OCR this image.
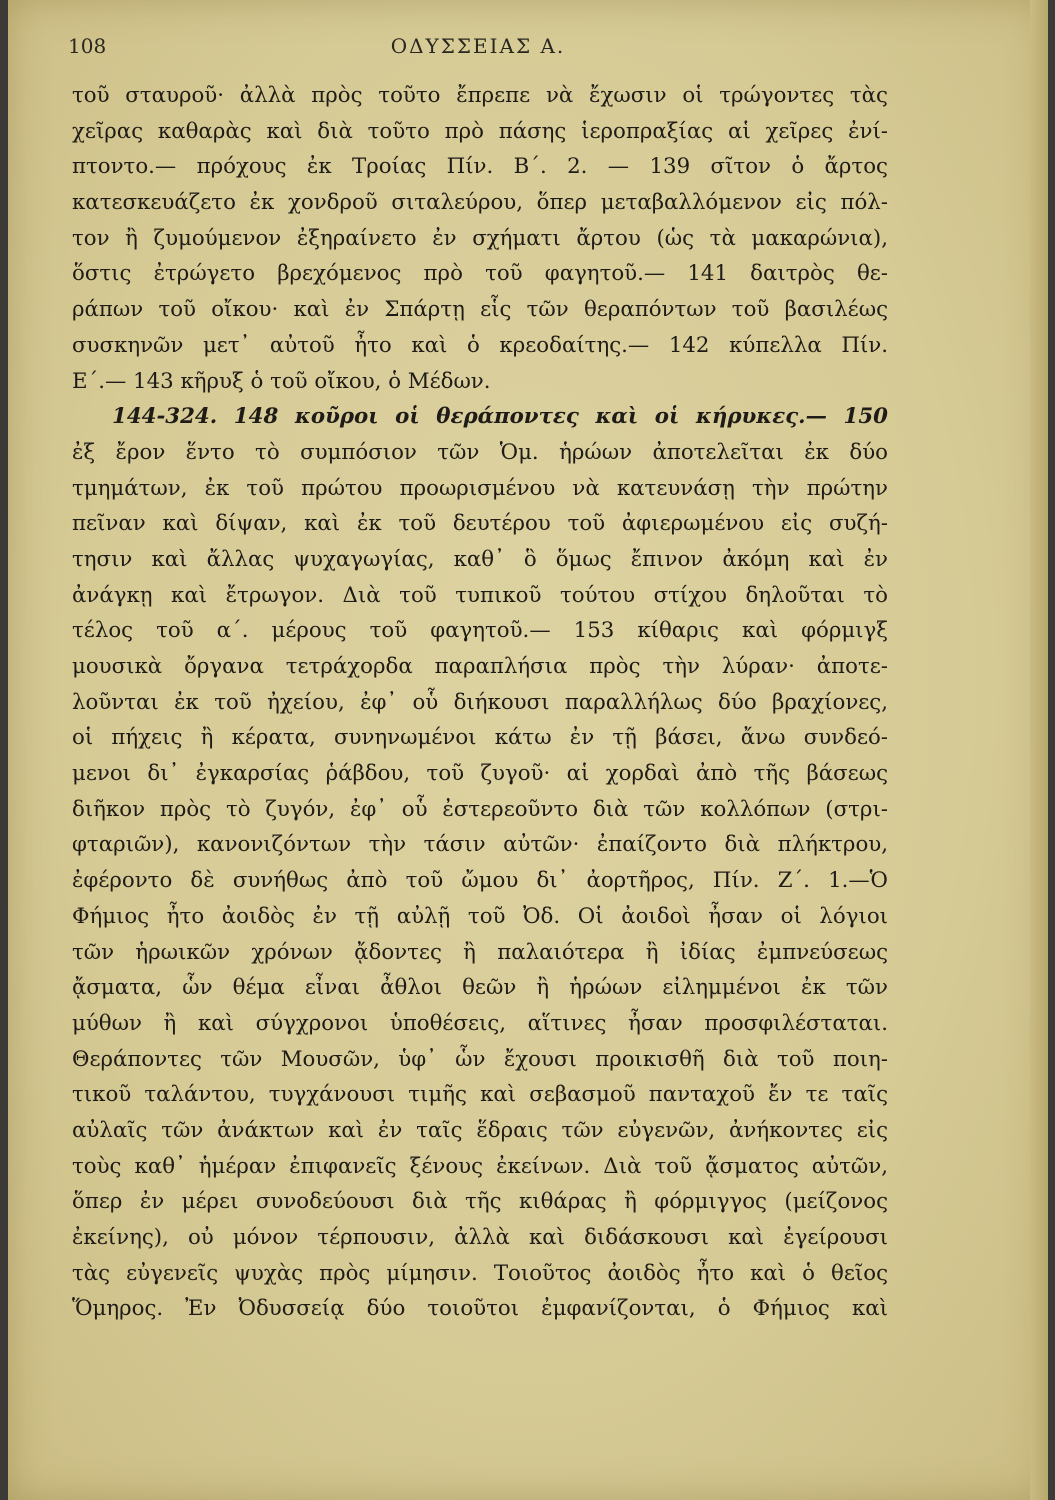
108	ΟΔΥΣΣΕΙΑΣ Α.
τοῦ σταυροῦ· ἀλλὰ πρὸς τοῦτο ἔπρεπε νὰ ἔχωσιν οἱ τρώγοντες τὰς
χεῖρας καθαρὰς καὶ διὰ τοῦτο πρὸ πάσης ἱεροπραξίας αἱ χεῖρες ἐνί-
πτοντο.— πρόχους ἐκ Τροίας Πίν. Β΄. 2. — 139 σῖτον ὁ ἄρτος
κατεσκευάζετο ἐκ χονδροῦ σιταλεύρου, ὅπερ μεταβαλλόμενον εἰς πόλ-
τον ἢ ζυμούμενον ἐξηραίνετο ἐν σχήματι ἄρτου (ὡς τὰ μακαρώνια),
ὅστις ἐτρώγετο βρεχόμενος πρὸ τοῦ φαγητοῦ.— 141 δαιτρὸς θε-
ράπων τοῦ οἴκου· καὶ ἐν Σπάρτῃ εἷς τῶν θεραπόντων τοῦ βασιλέως
συσκηνῶν μετ᾽ αὐτοῦ ἦτο καὶ ὁ κρεοδαίτης.— 142 κύπελλα Πίν.
Ε΄.— 143 κῆρυξ ὁ τοῦ οἴκου, ὁ Μέδων.
144-324. 148 κοῦροι οἱ θεράποντες καὶ οἱ κήρυκες.— 150
ἐξ ἔρον ἕντο τὸ συμπόσιον τῶν Ὁμ. ἡρώων ἀποτελεῖται ἐκ δύο
τμημάτων, ἐκ τοῦ πρώτου προωρισμένου νὰ κατευνάσῃ τὴν πρώτην
πεῖναν καὶ δίψαν, καὶ ἐκ τοῦ δευτέρου τοῦ ἀφιερωμένου εἰς συζή-
τησιν καὶ ἄλλας ψυχαγωγίας, καθ᾽ ὃ ὅμως ἔπινον ἀκόμη καὶ ἐν
ἀνάγκῃ καὶ ἔτρωγον. Διὰ τοῦ τυπικοῦ τούτου στίχου δηλοῦται τὸ
τέλος τοῦ α΄. μέρους τοῦ φαγητοῦ.— 153 κίθαρις καὶ φόρμιγξ
μουσικὰ ὄργανα τετράχορδα παραπλήσια πρὸς τὴν λύραν· ἀποτε-
λοῦνται ἐκ τοῦ ἠχείου, ἐφ᾽ οὗ διήκουσι παραλλήλως δύο βραχίονες,
οἱ πήχεις ἢ κέρατα, συνηνωμένοι κάτω ἐν τῇ βάσει, ἄνω συνδεό-
μενοι δι᾽ ἐγκαρσίας ῥάβδου, τοῦ ζυγοῦ· αἱ χορδαὶ ἀπὸ τῆς βάσεως
διῆκον πρὸς τὸ ζυγόν, ἐφ᾽ οὗ ἐστερεοῦντο διὰ τῶν κολλόπων (στρι-
φταριῶν), κανονιζόντων τὴν τάσιν αὐτῶν· ἐπαίζοντο διὰ πλήκτρου,
ἐφέροντο δὲ συνήθως ἀπὸ τοῦ ὤμου δι᾽ ἀορτῆρος, Πίν. Ζ΄. 1.—Ὁ
Φήμιος ἦτο ἀοιδὸς ἐν τῇ αὐλῇ τοῦ Ὀδ. Οἱ ἀοιδοὶ ἦσαν οἱ λόγιοι
τῶν ἡρωικῶν χρόνων ᾄδοντες ἢ παλαιότερα ἢ ἰδίας ἐμπνεύσεως
ᾄσματα, ὧν θέμα εἶναι ἆθλοι θεῶν ἢ ἡρώων εἰλημμένοι ἐκ τῶν
μύθων ἢ καὶ σύγχρονοι ὑποθέσεις, αἵτινες ἦσαν προσφιλέσταται.
Θεράποντες τῶν Μουσῶν, ὑφ᾽ ὧν ἔχουσι προικισθῆ διὰ τοῦ ποιη-
τικοῦ ταλάντου, τυγχάνουσι τιμῆς καὶ σεβασμοῦ πανταχοῦ ἔν τε ταῖς
αὐλαῖς τῶν ἀνάκτων καὶ ἐν ταῖς ἕδραις τῶν εὐγενῶν, ἀνήκοντες εἰς
τοὺς καθ᾽ ἡμέραν ἐπιφανεῖς ξένους ἐκείνων. Διὰ τοῦ ᾄσματος αὐτῶν,
ὅπερ ἐν μέρει συνοδεύουσι διὰ τῆς κιθάρας ἢ φόρμιγγος (μείζονος
ἐκείνης), οὐ μόνον τέρπουσιν, ἀλλὰ καὶ διδάσκουσι καὶ ἐγείρουσι
τὰς εὐγενεῖς ψυχὰς πρὸς μίμησιν. Τοιοῦτος ἀοιδὸς ἦτο καὶ ὁ θεῖος
Ὅμηρος. Ἐν Ὀδυσσείᾳ δύο τοιοῦτοι ἐμφανίζονται, ὁ Φήμιος καὶ
